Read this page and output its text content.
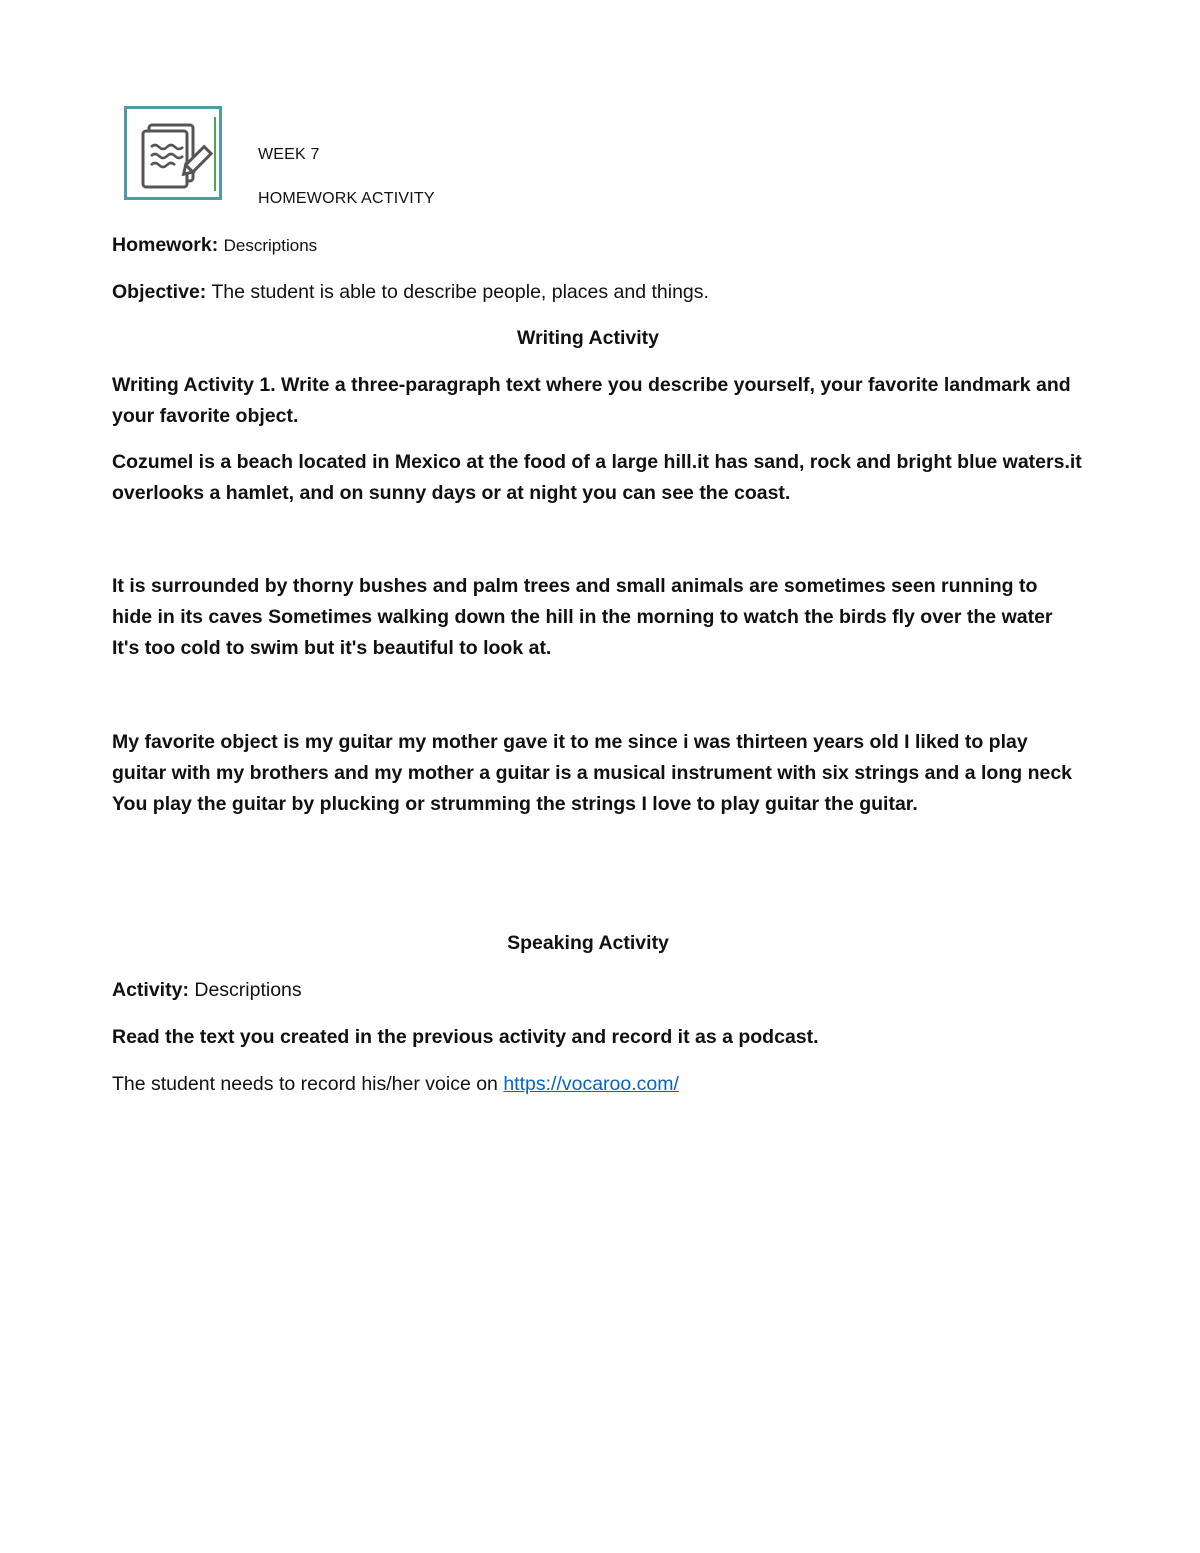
WEEK 7
HOMEWORK ACTIVITY
Homework: Descriptions
Objective: The student is able to describe people, places and things.
Writing Activity

Writing Activity 1. Write a three-paragraph text where you describe yourself, your favorite landmark and your favorite object.

Cozumel is a beach located in Mexico at the food of a large hill.it has sand, rock and bright blue waters.it overlooks a hamlet, and on sunny days or at night you can see the coast.

It is surrounded by thorny bushes and palm trees and small animals are sometimes seen running to hide in its caves Sometimes walking down the hill in the morning to watch the birds fly over the water It's too cold to swim but it's beautiful to look at.

My favorite object is my guitar my mother gave it to me since i was thirteen years old I liked to play guitar with my brothers and my mother a guitar is a musical instrument with six strings and a long neck You play the guitar by plucking or strumming the strings I love to play guitar the guitar.

Speaking Activity
Activity: Descriptions
Read the text you created in the previous activity and record it as a podcast.
The student needs to record his/her voice on https://vocaroo.com/
